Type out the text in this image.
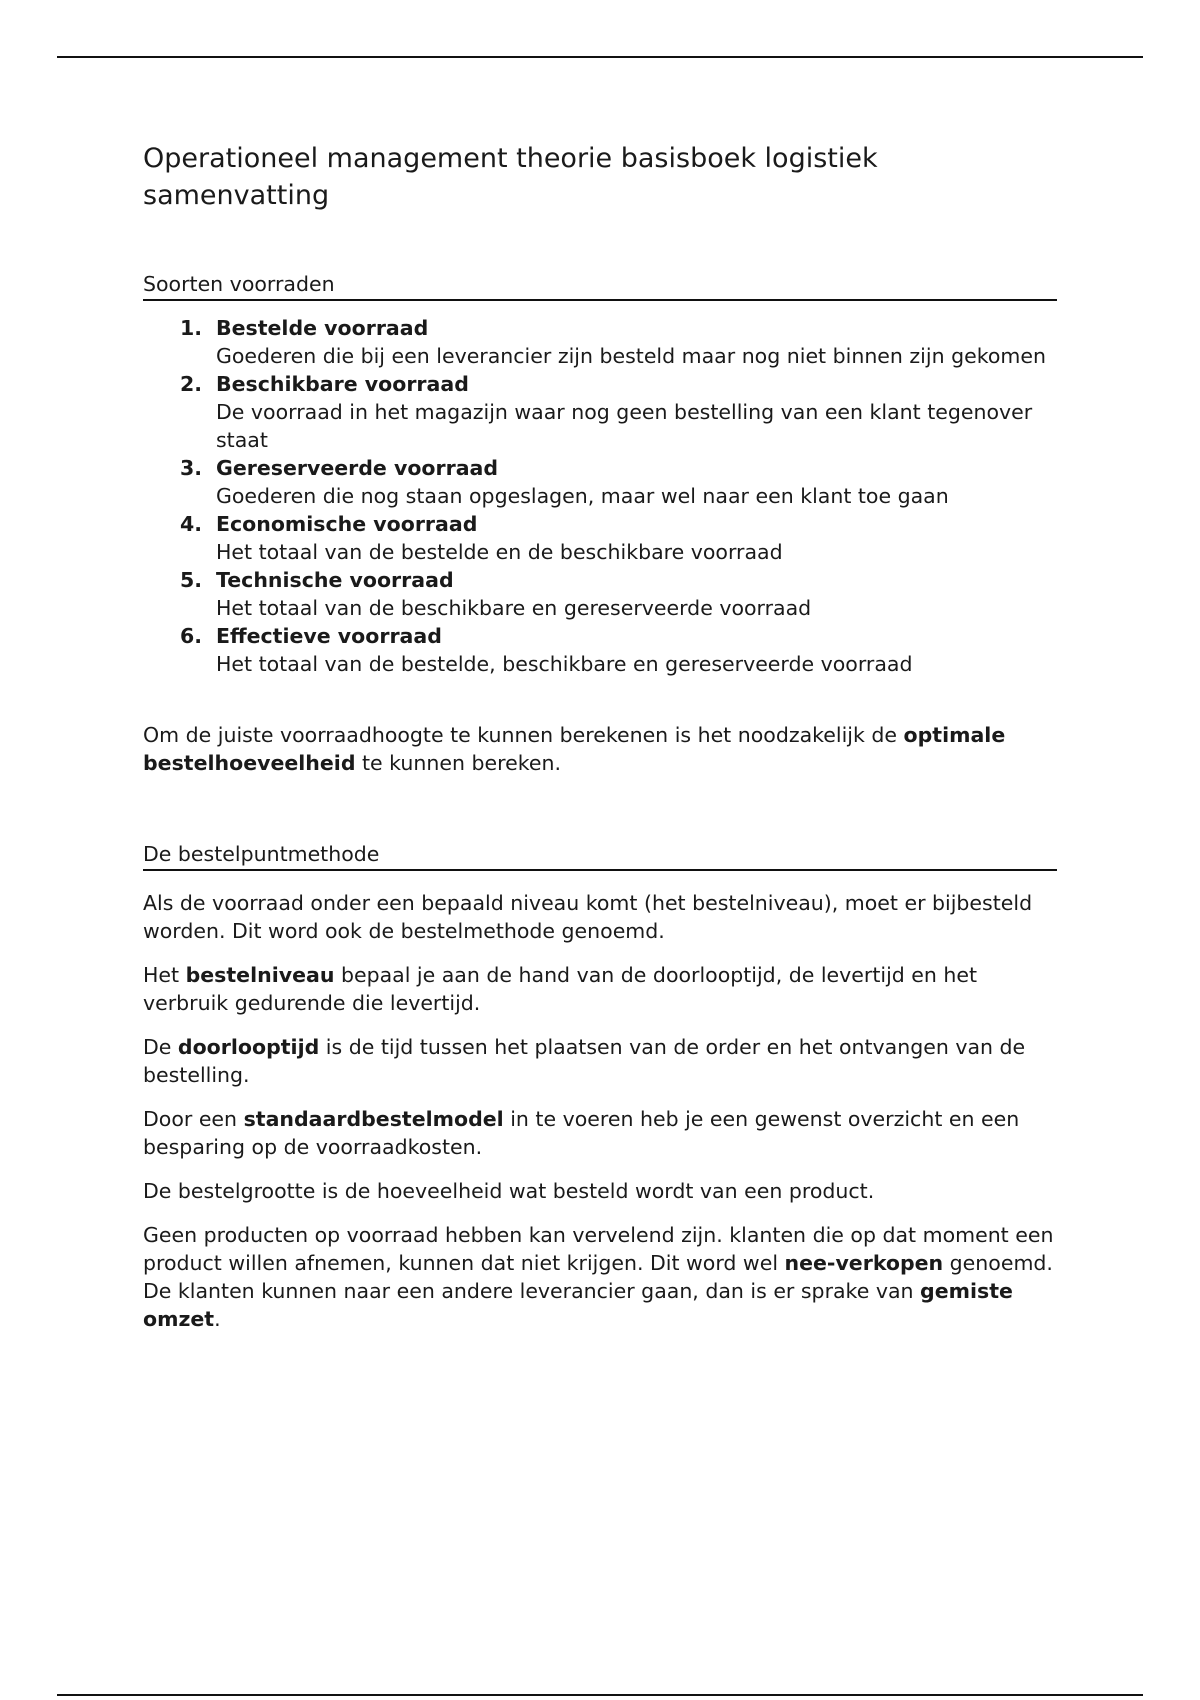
Operationeel management theorie basisboek logistiek samenvatting
Soorten voorraden
1. Bestelde voorraad
Goederen die bij een leverancier zijn besteld maar nog niet binnen zijn gekomen
2. Beschikbare voorraad
De voorraad in het magazijn waar nog geen bestelling van een klant tegenover staat
3. Gereserveerde voorraad
Goederen die nog staan opgeslagen, maar wel naar een klant toe gaan
4. Economische voorraad
Het totaal van de bestelde en de beschikbare voorraad
5. Technische voorraad
Het totaal van de beschikbare en gereserveerde voorraad
6. Effectieve voorraad
Het totaal van de bestelde, beschikbare en gereserveerde voorraad

Om de juiste voorraadhoogte te kunnen berekenen is het noodzakelijk de optimale bestelhoeveelheid te kunnen bereken.

De bestelpuntmethode

Als de voorraad onder een bepaald niveau komt (het bestelniveau), moet er bijbesteld worden. Dit word ook de bestelmethode genoemd.

Het bestelniveau bepaal je aan de hand van de doorlooptijd, de levertijd en het verbruik gedurende die levertijd.

De doorlooptijd is de tijd tussen het plaatsen van de order en het ontvangen van de bestelling.

Door een standaardbestelmodel in te voeren heb je een gewenst overzicht en een besparing op de voorraadkosten.

De bestelgrootte is de hoeveelheid wat besteld wordt van een product.

Geen producten op voorraad hebben kan vervelend zijn. klanten die op dat moment een product willen afnemen, kunnen dat niet krijgen. Dit word wel nee-verkopen genoemd. De klanten kunnen naar een andere leverancier gaan, dan is er sprake van gemiste omzet.
